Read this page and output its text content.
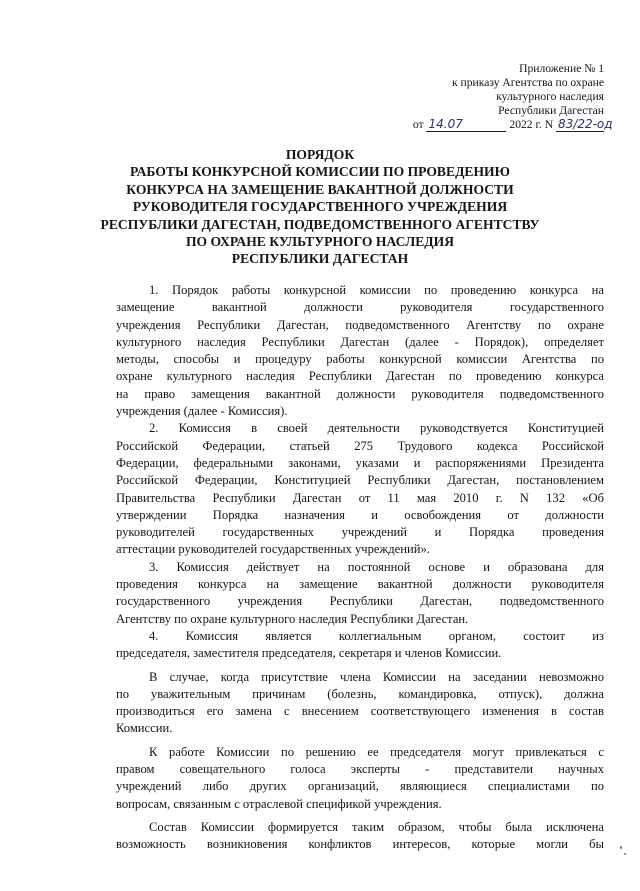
Приложение № 1
к приказу Агентства по охране
культурного наследия
Республики Дагестан
от 14.07	2022 г. N 83/22-од
ПОРЯДОК
РАБОТЫ КОНКУРСНОЙ КОМИССИИ ПО ПРОВЕДЕНИЮ
КОНКУРСА НА ЗАМЕЩЕНИЕ ВАКАНТНОЙ ДОЛЖНОСТИ
РУКОВОДИТЕЛЯ ГОСУДАРСТВЕННОГО УЧРЕЖДЕНИЯ
РЕСПУБЛИКИ ДАГЕСТАН, ПОДВЕДОМСТВЕННОГО АГЕНТСТВУ
ПО ОХРАНЕ КУЛЬТУРНОГО НАСЛЕДИЯ
РЕСПУБЛИКИ ДАГЕСТАН
1. Порядок работы конкурсной комиссии по проведению конкурса на
замещение вакантной должности руководителя государственного
учреждения Республики Дагестан, подведомственного Агентству по охране
культурного наследия Республики Дагестан (далее - Порядок), определяет
методы, способы и процедуру работы конкурсной комиссии Агентства по
охране культурного наследия Республики Дагестан по проведению конкурса
на право замещения вакантной должности руководителя подведомственного
учреждения (далее - Комиссия).
2. Комиссия в своей деятельности руководствуется Конституцией
Российской Федерации, статьей 275 Трудового кодекса Российской
Федерации, федеральными законами, указами и распоряжениями Президента
Российской Федерации, Конституцией Республики Дагестан, постановлением
Правительства Республики Дагестан от 11 мая 2010 г. N 132 «Об
утверждении Порядка назначения и освобождения от должности
руководителей государственных учреждений и Порядка проведения
аттестации руководителей государственных учреждений».
3. Комиссия действует на постоянной основе и образована для
проведения конкурса на замещение вакантной должности руководителя
государственного учреждения Республики Дагестан, подведомственного
Агентству по охране культурного наследия Республики Дагестан.
4. Комиссия является коллегиальным органом, состоит из
председателя, заместителя председателя, секретаря и членов Комиссии.
В случае, когда присутствие члена Комиссии на заседании невозможно
по уважительным причинам (болезнь, командировка, отпуск), должна
производиться его замена с внесением соответствующего изменения в состав
Комиссии.
К работе Комиссии по решению ее председателя могут привлекаться с
правом совещательного голоса эксперты - представители научных
учреждений либо других организаций, являющиеся специалистами по
вопросам, связанным с отраслевой спецификой учреждения.
Состав Комиссии формируется таким образом, чтобы была исключена
возможность возникновения конфликтов интересов, которые могли бы
